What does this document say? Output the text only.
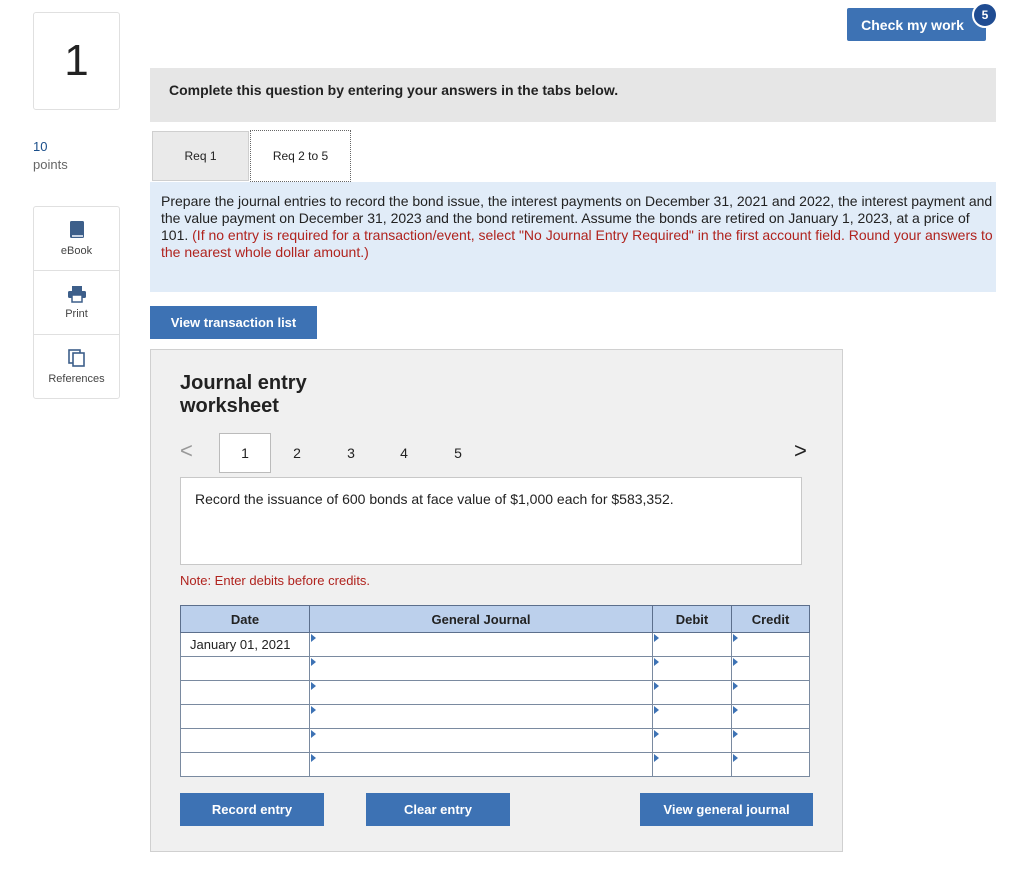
1
10
points
eBook
Print
References
Check my work
5
Complete this question by entering your answers in the tabs below.
Req 1	Req 2 to 5
Prepare the journal entries to record the bond issue, the interest payments on December 31, 2021 and 2022, the interest payment and the value payment on December 31, 2023 and the bond retirement. Assume the bonds are retired on January 1, 2023, at a price of 101. (If no entry is required for a transaction/event, select "No Journal Entry Required" in the first account field. Round your answers to the nearest whole dollar amount.)
View transaction list
Journal entry
worksheet
<	1	2	3	4	5	>
Record the issuance of 600 bonds at face value of $1,000 each for $583,352.
Note: Enter debits before credits.
Date	General Journal	Debit	Credit
January 01, 2021			

Record entry	Clear entry	View general journal
